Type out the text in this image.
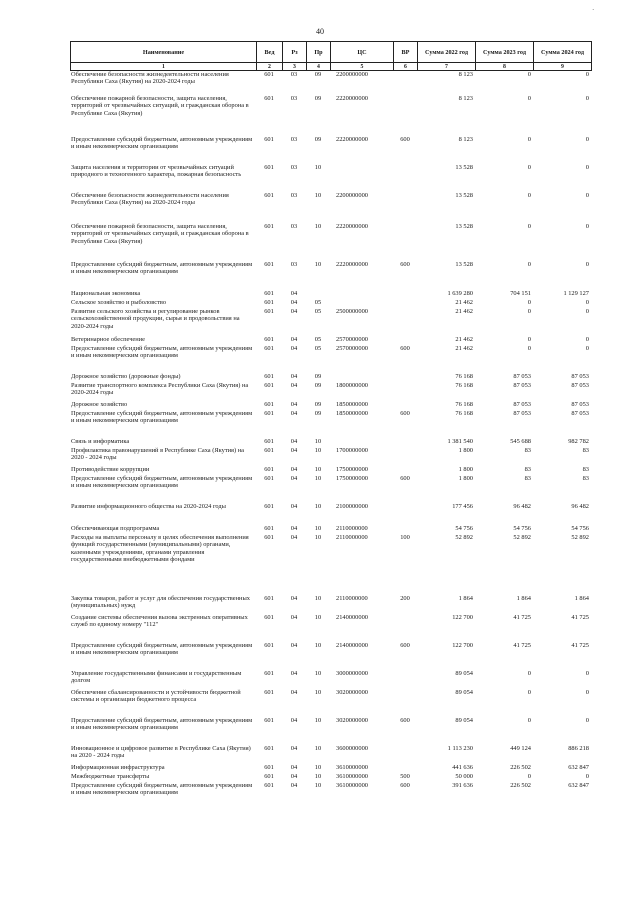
40
·
Наименование	Вед	Рз	Пр	ЦС	ВР	Сумма 2022 год	Сумма 2023 год	Сумма 2024 год
1	2	3	4	5	6	7	8	9
Обеспечение безопасности жизнедеятельности населения Республики Саха (Якутия) на 2020-2024 годы	601	03	09	2200000000		8 123	0	0
Обеспечение пожарной безопасности, защита населения, территорий от чрезвычайных ситуаций, и гражданская оборона в Республике Саха (Якутия)	601	03	09	2220000000		8 123	0	0
Предоставление субсидий бюджетным, автономным учреждениям и иным некоммерческим организациям	601	03	09	2220000000	600	8 123	0	0
Защита населения и территории от чрезвычайных ситуаций природного и техногенного характера, пожарная безопасность	601	03	10			13 528	0	0
Обеспечение безопасности жизнедеятельности населения Республики Саха (Якутия) на 2020-2024 годы	601	03	10	2200000000		13 528	0	0
Обеспечение пожарной безопасности, защита населения, территорий от чрезвычайных ситуаций, и гражданская оборона в Республике Саха (Якутия)	601	03	10	2220000000		13 528	0	0
Предоставление субсидий бюджетным, автономным учреждениям и иным некоммерческим организациям	601	03	10	2220000000	600	13 528	0	0
Национальная экономика	601	04				1 639 280	704 151	1 129 127
Сельское хозяйство и рыболовство	601	04	05			21 462	0	0
Развитие сельского хозяйства и регулирование рынков сельскохозяйственной продукции, сырья и продовольствия на 2020-2024 годы	601	04	05	2500000000		21 462	0	0
Ветеринарное обеспечение	601	04	05	2570000000		21 462	0	0
Предоставление субсидий бюджетным, автономным учреждениям и иным некоммерческим организациям	601	04	05	2570000000	600	21 462	0	0
Дорожное хозяйство (дорожные фонды)	601	04	09			76 168	87 053	87 053
Развитие транспортного комплекса Республики Саха (Якутия) на 2020-2024 годы	601	04	09	1800000000		76 168	87 053	87 053
Дорожное хозяйство	601	04	09	1850000000		76 168	87 053	87 053
Предоставление субсидий бюджетным, автономным учреждениям и иным некоммерческим организациям	601	04	09	1850000000	600	76 168	87 053	87 053
Связь и информатика	601	04	10			1 381 540	545 688	982 782
Профилактика правонарушений в Республике Саха (Якутия) на 2020 - 2024 годы	601	04	10	1700000000		1 800	83	83
Противодействие коррупции	601	04	10	1750000000		1 800	83	83
Предоставление субсидий бюджетным, автономным учреждениям и иным некоммерческим организациям	601	04	10	1750000000	600	1 800	83	83
Развитие информационного общества на 2020-2024 годы	601	04	10	2100000000		177 456	96 482	96 482
Обеспечивающая подпрограмма	601	04	10	2110000000		54 756	54 756	54 756
Расходы на выплаты персоналу в целях обеспечения выполнения функций государственными (муниципальными) органами, казенными учреждениями, органами управления государственными внебюджетными фондами	601	04	10	2110000000	100	52 892	52 892	52 892
Закупка товаров, работ и услуг для обеспечения государственных (муниципальных) нужд	601	04	10	2110000000	200	1 864	1 864	1 864
Создание системы обеспечения вызова экстренных оперативных служб по единому номеру "112"	601	04	10	2140000000		122 700	41 725	41 725
Предоставление субсидий бюджетным, автономным учреждениям и иным некоммерческим организациям	601	04	10	2140000000	600	122 700	41 725	41 725
Управление государственными финансами и государственным долгом	601	04	10	3000000000		89 054	0	0
Обеспечение сбалансированности и устойчивости бюджетной системы и организации бюджетного процесса	601	04	10	3020000000		89 054	0	0
Предоставление субсидий бюджетным, автономным учреждениям и иным некоммерческим организациям	601	04	10	3020000000	600	89 054	0	0
Инновационное и цифровое развитие в Республике Саха (Якутия) на 2020 - 2024 годы	601	04	10	3600000000		1 113 230	449 124	886 218
Информационная инфраструктура	601	04	10	3610000000		441 636	226 502	632 847
Межбюджетные трансферты	601	04	10	3610000000	500	50 000	0	0
Предоставление субсидий бюджетным, автономным учреждениям и иным некоммерческим организациям	601	04	10	3610000000	600	391 636	226 502	632 847
